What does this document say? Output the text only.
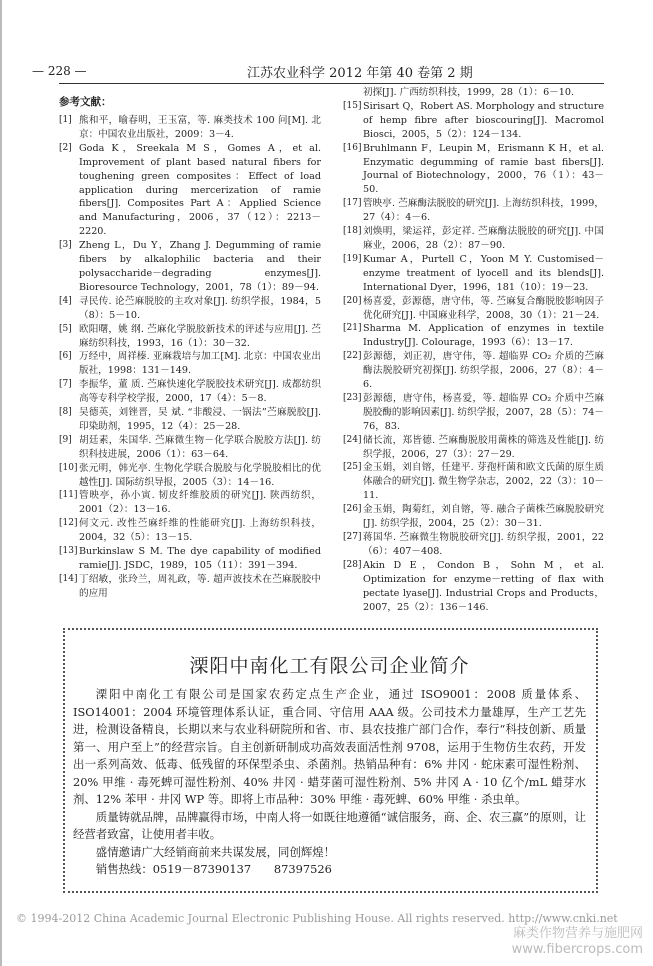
— 228 —	江苏农业科学 2012 年第 40 卷第 2 期
参考文献：
[1] 熊和平，喻春明，王玉富，等. 麻类技术 100 问[M]. 北京：中国农业出版社，2009：3－4.
[2] Goda K，Sreekala M S，Gomes A，et al. Improvement of plant based natural fibers for toughening green composites：Effect of load application during mercerization of ramie fibers[J]. Composites Part A：Applied Science and Manufacturing，2006，37（12）：2213－2220.
[3] Zheng L，Du Y，Zhang J. Degumming of ramie fibers by alkalophilic bacteria and their polysaccharide－degrading enzymes[J]. Bioresource Technology，2001，78（1）：89－94.
[4] 寻民传. 论苎麻脱胶的主攻对象[J]. 纺织学报，1984，5（8）：5－10.
[5] 欧阳曙，姚 纲. 苎麻化学脱胶新技术的评述与应用[J]. 苎麻纺织科技，1993，16（1）：30－32.
[6] 万经中，周祥榛. 亚麻栽培与加工[M]. 北京：中国农业出版社，1998：131－149.
[7] 李振华，董 质. 苎麻快速化学脱胶技术研究[J]. 成都纺织高等专科学校学报，2000，17（4）：5－8.
[8] 吴德英，刘锉晋，吴 斌. “非酸浸、一锅法”苎麻脱胶[J]. 印染助剂，1995，12（4）：25－28.
[9] 胡廷素，朱国华. 苎麻微生物－化学联合脱胶方法[J]. 纺织科技进展，2006（1）：63－64.
[10] 张元明，韩光亭. 生物化学联合脱胶与化学脱胶相比的优越性[J]. 国际纺织导报，2005（3）：14－16.
[11] 管映亭，孙小寅. 韧皮纤维胶质的研究[J]. 陕西纺织，2001（2）：13－16.
[12] 何文元. 改性苎麻纤维的性能研究[J]. 上海纺织科技，2004，32（5）：13－15.
[13] Burkinslaw S M. The dye capability of modified ramie[J]. JSDC，1989，105（11）：391－394.
[14] 丁绍敏，张玲兰，周礼政，等. 超声波技术在苎麻脱胶中的应用
初探[J]. 广西纺织科技，1999，28（1）：6－10.
[15] Sirisart Q，Robert AS. Morphology and structure of hemp fibre after bioscouring[J]. Macromol Biosci，2005，5（2）：124－134.
[16] Bruhlmann F，Leupin M，Erismann K H，et al. Enzymatic degumming of ramie bast fibers[J]. Journal of Biotechnology，2000，76（1）：43－50.
[17] 管映亭. 苎麻酶法脱胶的研究[J]. 上海纺织科技，1999，27（4）：4－6.
[18] 刘焕明，梁运祥，彭定祥. 苎麻酶法脱胶的研究[J]. 中国麻业，2006，28（2）：87－90.
[19] Kumar A，Purtell C，Yoon M Y. Customised－enzyme treatment of lyocell and its blends[J]. International Dyer，1996，181（10）：19－23.
[20] 杨喜爱，彭源德，唐守伟，等. 苎麻复合酶脱胶影响因子优化研究[J]. 中国麻业科学，2008，30（1）：21－24.
[21] Sharma M. Application of enzymes in textile Industry[J]. Colourage，1993（6）：13－17.
[22] 彭源德，刘正初，唐守伟，等. 超临界 CO₂ 介质的苎麻酶法脱胶研究初探[J]. 纺织学报，2006，27（8）：4－6.
[23] 彭源德，唐守伟，杨喜爱，等. 超临界 CO₂ 介质中苎麻脱胶酶的影响因素[J]. 纺织学报，2007，28（5）：74－76，83.
[24] 储长流，郑皆德. 苎麻酶脱胶用菌株的筛选及性能[J]. 纺织学报，2006，27（3）：27－29.
[25] 金玉娟，刘自镕，任建平. 芽孢杆菌和欧文氏菌的原生质体融合的研究[J]. 微生物学杂志，2002，22（3）：10－11.
[26] 金玉娟，陶菊红，刘自镕，等. 融合子菌株苎麻脱胶研究[J]. 纺织学报，2004，25（2）：30－31.
[27] 蒋国华. 苎麻微生物脱胶研究[J]. 纺织学报，2001，22（6）：407－408.
[28] Akin D E，Condon B，Sohn M，et al. Optimization for enzyme－retting of flax with pectate lyase[J]. Industrial Crops and Products，2007，25（2）：136－146.
溧阳中南化工有限公司企业简介

溧阳中南化工有限公司是国家农药定点生产企业，通过 ISO9001：2008 质量体系、ISO14001：2004 环境管理体系认证，重合同、守信用 AAA 级。公司技术力量雄厚，生产工艺先进，检测设备精良，长期以来与农业科研院所和省、市、县农技推广部门合作，奉行“科技创新、质量第一、用户至上”的经营宗旨。自主创新研制成功高效表面活性剂 9708，运用于生物仿生农药，开发出一系列高效、低毒、低残留的环保型杀虫、杀菌剂。热销品种有：6% 井冈 · 蛇床素可湿性粉剂、20% 甲维 · 毒死蜱可湿性粉剂、40% 井冈 · 蜡芽菌可湿性粉剂、5% 井冈 A · 10 亿个/mL 蜡芽水剂、12% 苯甲 · 井冈 WP 等。即将上市品种：30% 甲维 · 毒死蜱、60% 甲维 · 杀虫单。

质量铸就品牌，品牌赢得市场，中南人将一如既往地遵循“诚信服务，商、企、农三赢”的原则，让经营者致富，让使用者丰收。

盛情邀请广大经销商前来共谋发展，同创辉煌！

销售热线：0519－87390137　　87397526

© 1994-2012 China Academic Journal Electronic Publishing House. All rights reserved. http://www.cnki.net
麻类作物营养与施肥网
www.fibercrops.com
